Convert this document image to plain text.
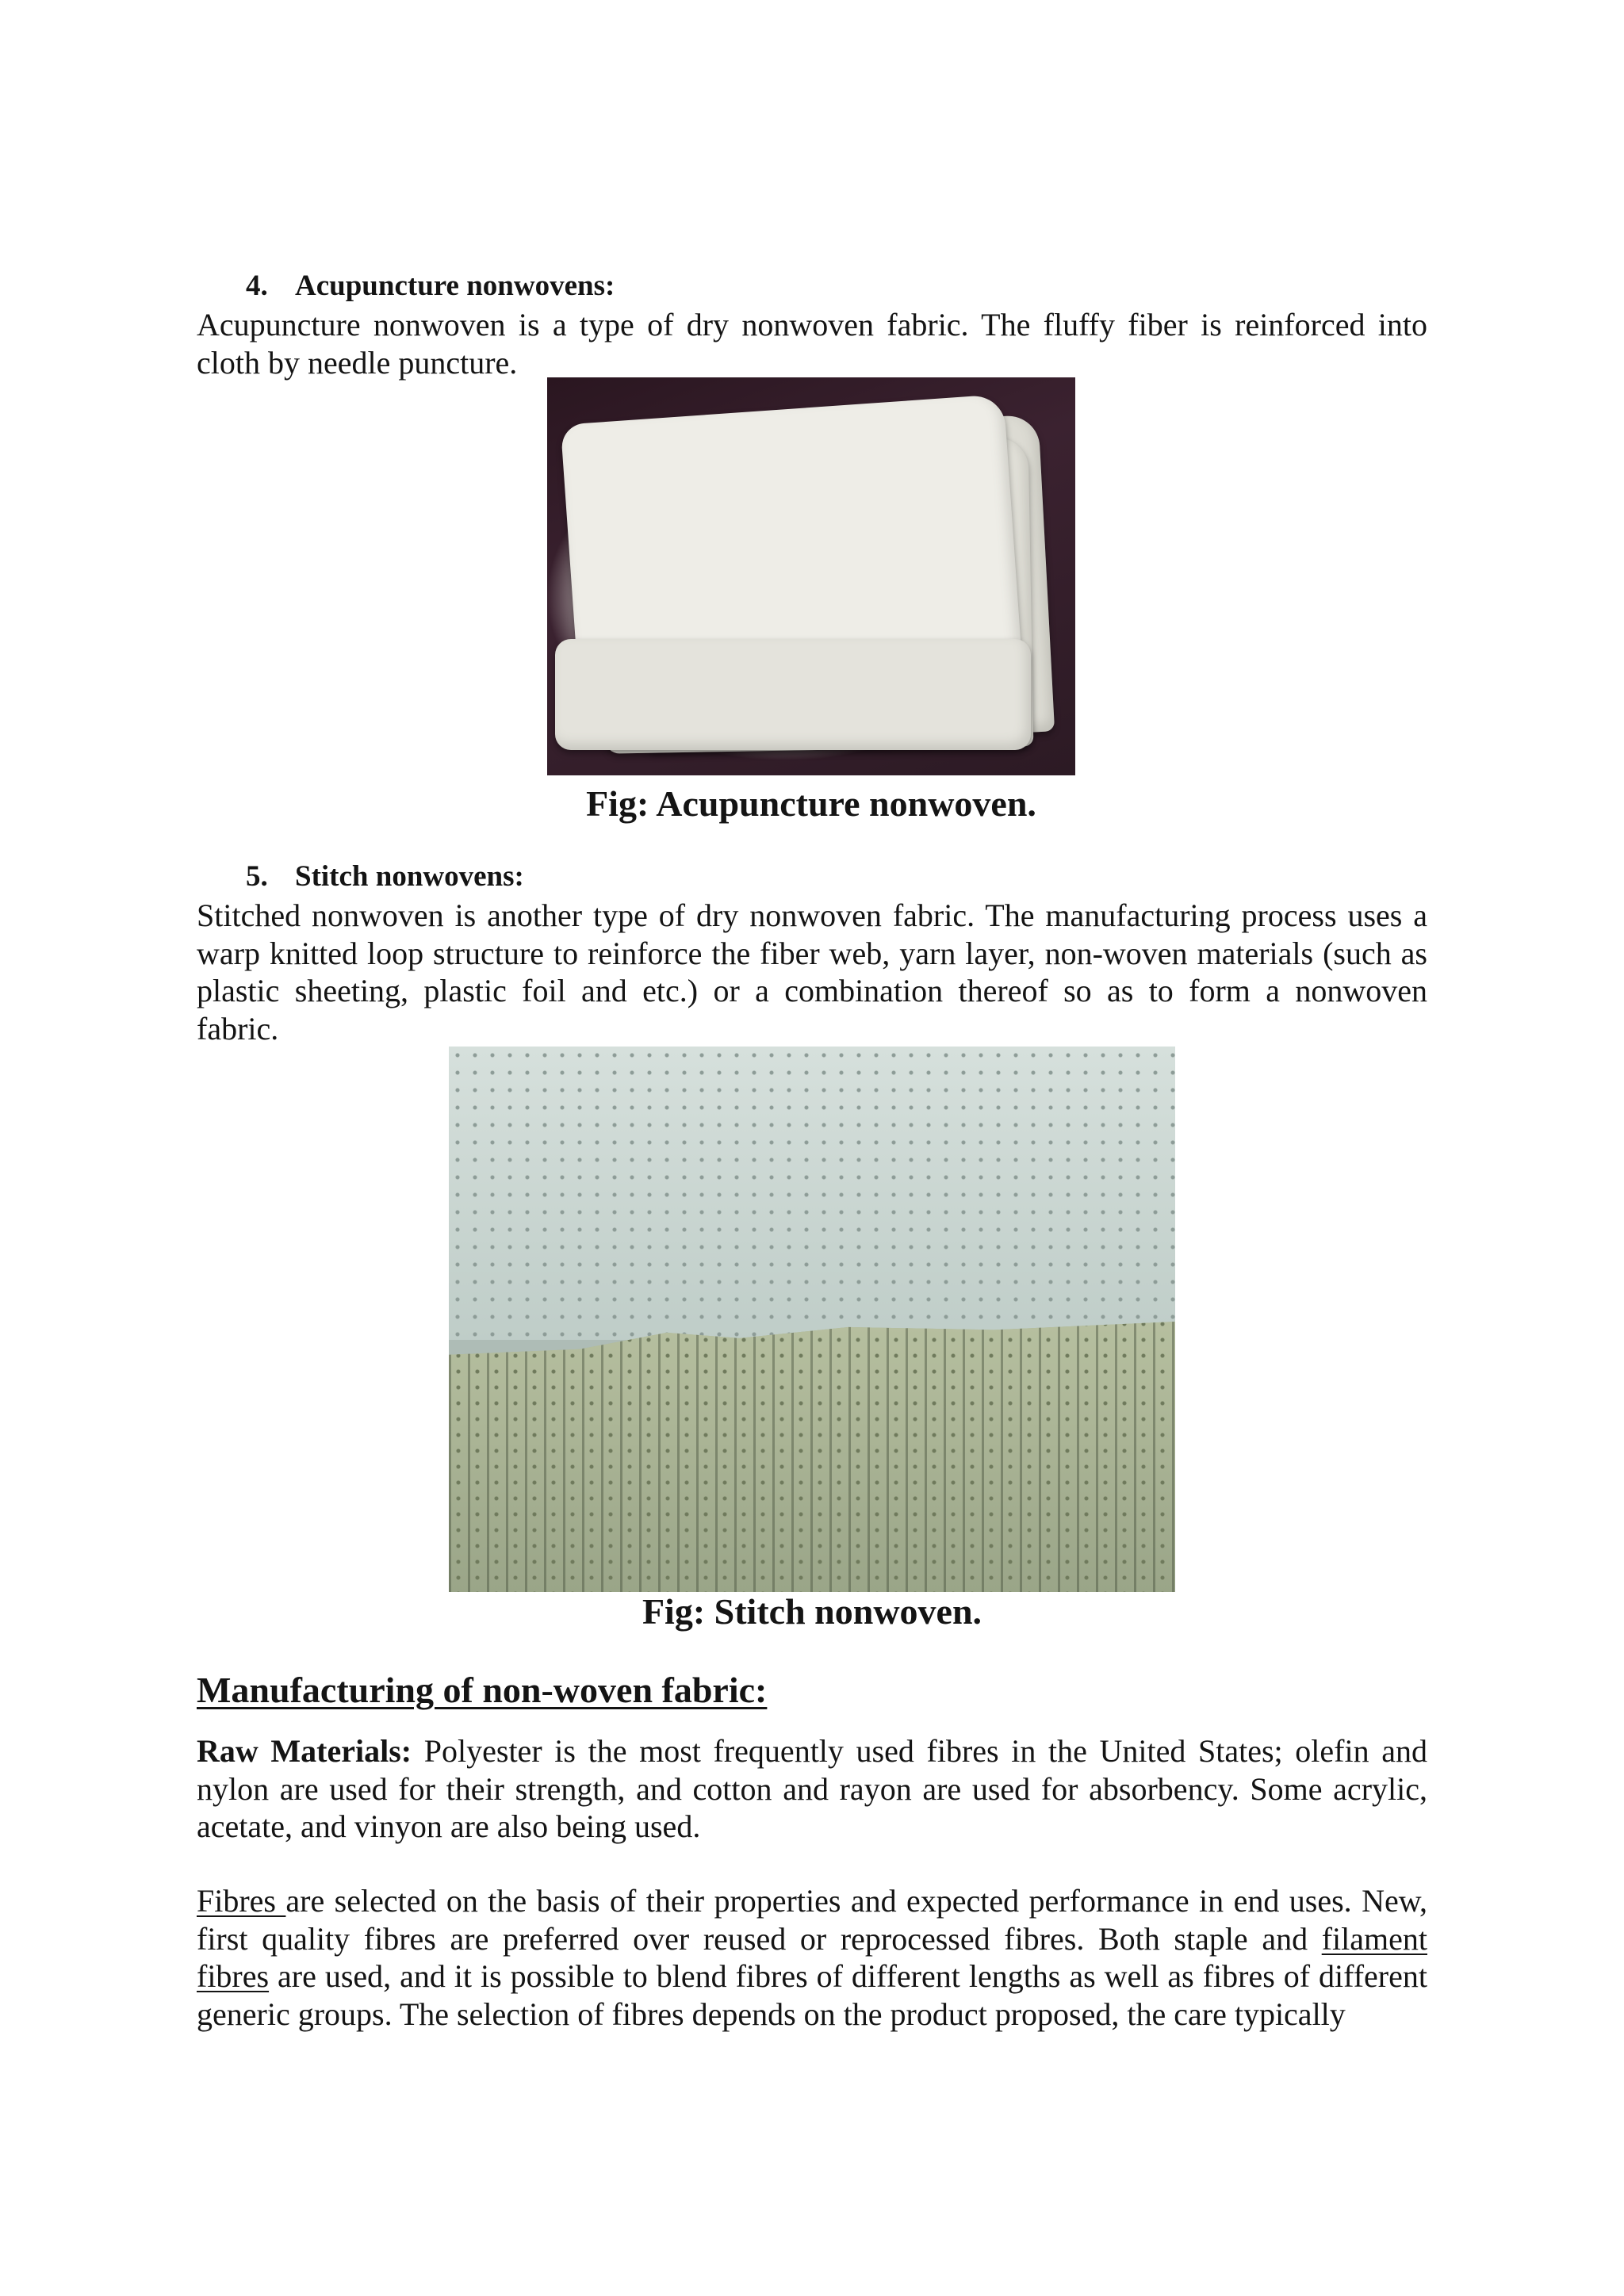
4. Acupuncture nonwovens:
Acupuncture nonwoven is a type of dry nonwoven fabric. The fluffy fiber is reinforced into
cloth by needle puncture.
Fig: Acupuncture nonwoven.
5. Stitch nonwovens:
Stitched nonwoven is another type of dry nonwoven fabric. The manufacturing process uses a warp knitted loop structure to reinforce the fiber web, yarn layer, non-woven materials (such as plastic sheeting, plastic foil and etc.) or a combination thereof so as to form a nonwoven
fabric.
Fig: Stitch nonwoven.
Manufacturing of non-woven fabric:
Raw Materials: Polyester is the most frequently used fibres in the United States; olefin and nylon are used for their strength, and cotton and rayon are used for absorbency. Some acrylic,
acetate, and vinyon are also being used.
Fibres are selected on the basis of their properties and expected performance in end uses. New, first quality fibres are preferred over reused or reprocessed fibres. Both staple and filament fibres are used, and it is possible to blend fibres of different lengths as well as fibres of different
generic groups. The selection of fibres depends on the product proposed, the care typically
